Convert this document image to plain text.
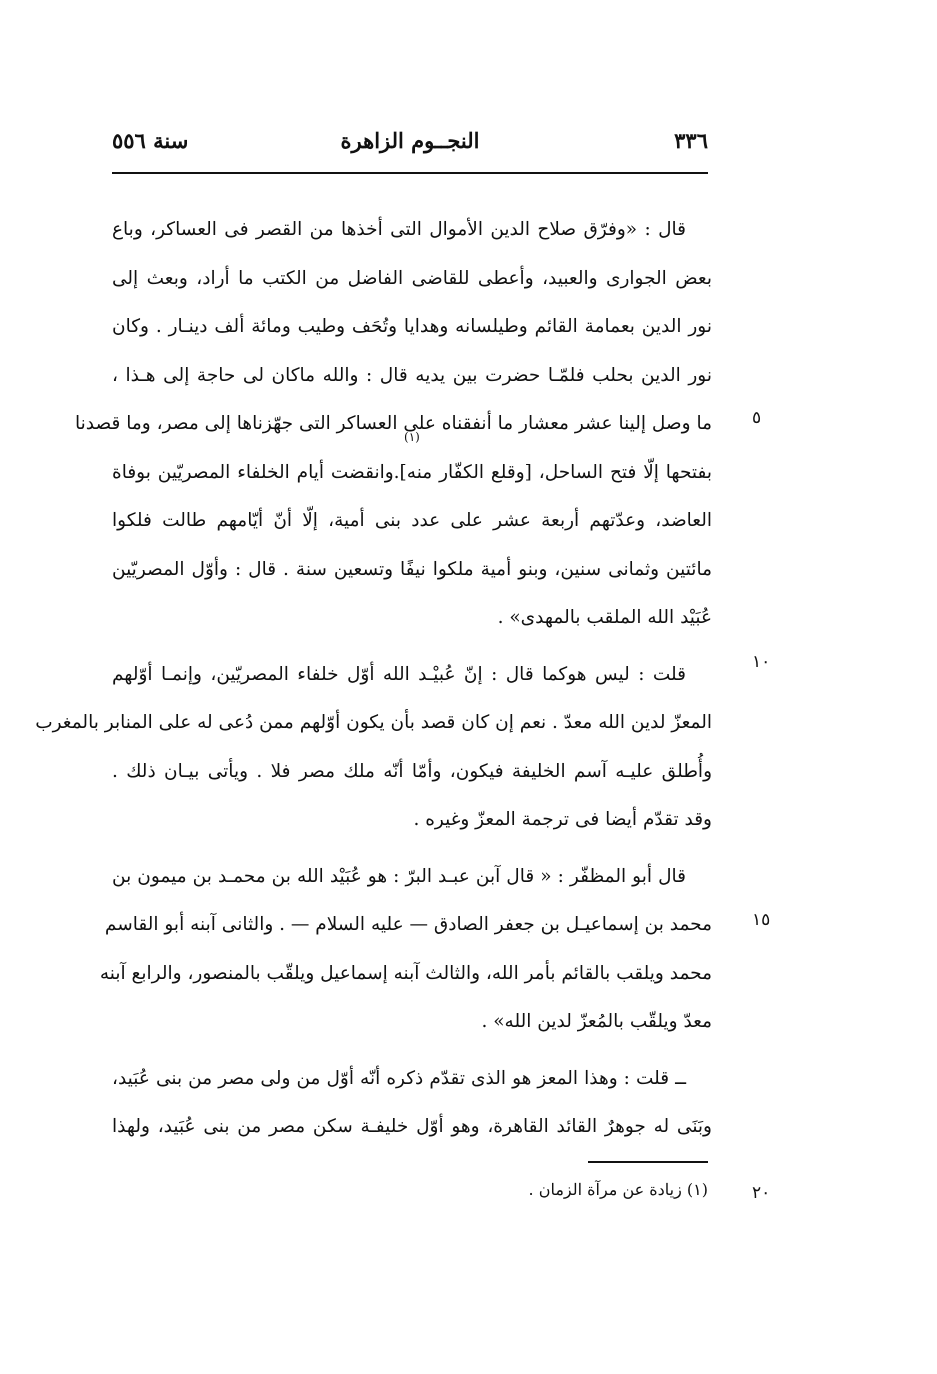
٣٣٦
النجــوم الزاهرة
سنة ٥٥٦
قال : «وفرّق صلاح الدين الأموال التى أخذها من القصر فى العساكر، وباع
بعض الجوارى والعبيد، وأعطى للقاضى الفاضل من الكتب ما أراد، وبعث إلى
نور الدين بعمامة القائم وطيلسانه وهدايا وتُحَف وطيب ومائة ألف دينـار . وكان
نور الدين بحلب فلمّـا حضرت بين يديه قال : والله ماكان لى حاجة إلى هـذا ،
ما وصل إلينا عشر معشار ما أنفقناه على العساكر التى جهّزناها إلى مصر، وما قصدنا
بفتحها إلّا فتح الساحل، [وقلع الكفّار منه].وانقضت أيام الخلفاء المصريّين بوفاة
العاضد، وعدّتهم أربعة عشر على عدد بنى أمية، إلّا أنّ أيّامهم طالت فلكوا
مائتين وثمانى سنين، وبنو أمية ملكوا نيفًا وتسعين سنة . قال : وأوّل المصريّين
عُبَيْد الله الملقب بالمهدى» .
قلت : ليس هوكما قال : إنّ عُبيْـد الله أوّل خلفاء المصريّين، وإنمـا أوّلهم
المعزّ لدين الله معدّ . نعم إن كان قصد بأن يكون أوّلهم ممن دُعى له على المنابر بالمغرب
وأُطلق عليـه آسم الخليفة فيكون، وأمّا أنّه ملك مصر فلا . ويأتى بيـان ذلك .
وقد تقدّم أيضا فى ترجمة المعزّ وغيره .
قال أبو المظفّر : « قال آبن عبـد البرّ : هو عُبَيْد الله بن محمـد بن ميمون بن
محمد بن إسماعيـل بن جعفر الصادق — عليه السلام — . والثانى آبنه أبو القاسم
محمد ويلقب بالقائم بأمر الله، والثالث آبنه إسماعيل ويلقّب بالمنصور، والرابع آبنه
معدّ ويلقّب بالمُعزّ لدين الله» .
ــ قلت : وهذا المعز هو الذى تقدّم ذكره أنّه أوّل من ولى مصر من بنى عُبَيد،
وبَنَى له جوهرٌ القائد القاهرة، وهو أوّل خليفـة سكن مصر من بنى عُبَيد، ولهذا
٥
١٠
١٥
٢٠
(١)
(١) زيادة عن مرآة الزمان .
